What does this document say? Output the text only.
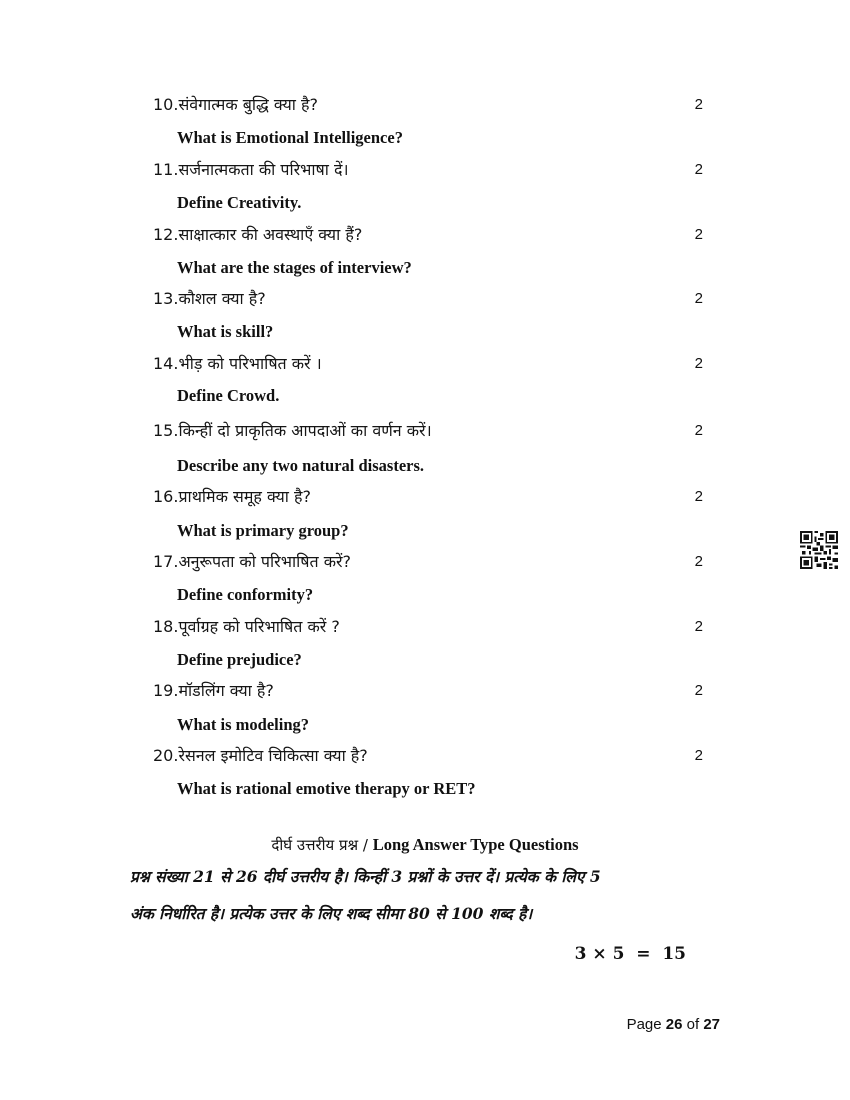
10.संवेगात्मक बुद्धि क्या है?	2
What is Emotional Intelligence?
11.सर्जनात्मकता की परिभाषा दें।	2
Define Creativity.
12.साक्षात्कार की अवस्थाएँ क्या हैं?	2
What are the stages of interview?
13.कौशल क्या है?	2
What is skill?
14.भीड़ को परिभाषित करें ।	2
Define Crowd.
15.किन्हीं दो प्राकृतिक आपदाओं का वर्णन करें।	2
Describe any two natural disasters.
16.प्राथमिक समूह क्या है?	2
What is primary group?
17.अनुरूपता को परिभाषित करें?	2
Define conformity?
18.पूर्वाग्रह को परिभाषित करें ?	2
Define prejudice?
19.मॉडलिंग क्या है?	2
What is modeling?
20.रेसनल इमोटिव चिकित्सा क्या है?	2
What is rational emotive therapy or RET?
दीर्घ उत्तरीय प्रश्न / Long Answer Type Questions
प्रश्न संख्या 21 से 26 दीर्घ उत्तरीय है। किन्हीं 3 प्रश्नों के उत्तर दें। प्रत्येक के लिए 5
अंक निर्धारित है। प्रत्येक उत्तर के लिए शब्द सीमा 80 से 100 शब्द है।
3 × 5  =  15
Page 26 of 27
